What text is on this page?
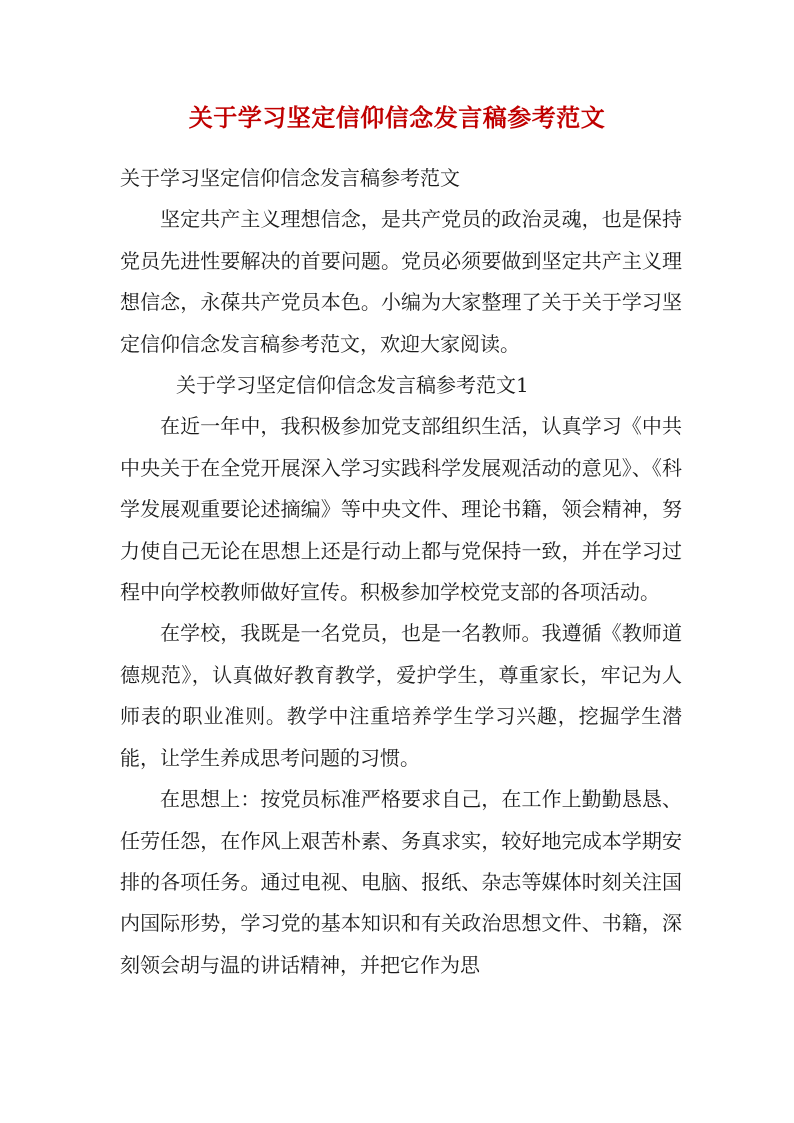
关于学习坚定信仰信念发言稿参考范文

关于学习坚定信仰信念发言稿参考范文

坚定共产主义理想信念，是共产党员的政治灵魂，也是保持党员先进性要解决的首要问题。党员必须要做到坚定共产主义理想信念，永葆共产党员本色。小编为大家整理了关于关于学习坚定信仰信念发言稿参考范文，欢迎大家阅读。

关于学习坚定信仰信念发言稿参考范文1

在近一年中，我积极参加党支部组织生活，认真学习《中共中央关于在全党开展深入学习实践科学发展观活动的意见》、《科学发展观重要论述摘编》等中央文件、理论书籍，领会精神，努力使自己无论在思想上还是行动上都与党保持一致，并在学习过程中向学校教师做好宣传。积极参加学校党支部的各项活动。

在学校，我既是一名党员，也是一名教师。我遵循《教师道德规范》，认真做好教育教学，爱护学生，尊重家长，牢记为人师表的职业准则。教学中注重培养学生学习兴趣，挖掘学生潜能，让学生养成思考问题的习惯。

在思想上：按党员标准严格要求自己，在工作上勤勤恳恳、任劳任怨，在作风上艰苦朴素、务真求实，较好地完成本学期安排的各项任务。通过电视、电脑、报纸、杂志等媒体时刻关注国内国际形势，学习党的基本知识和有关政治思想文件、书籍，深刻领会胡与温的讲话精神，并把它作为思
